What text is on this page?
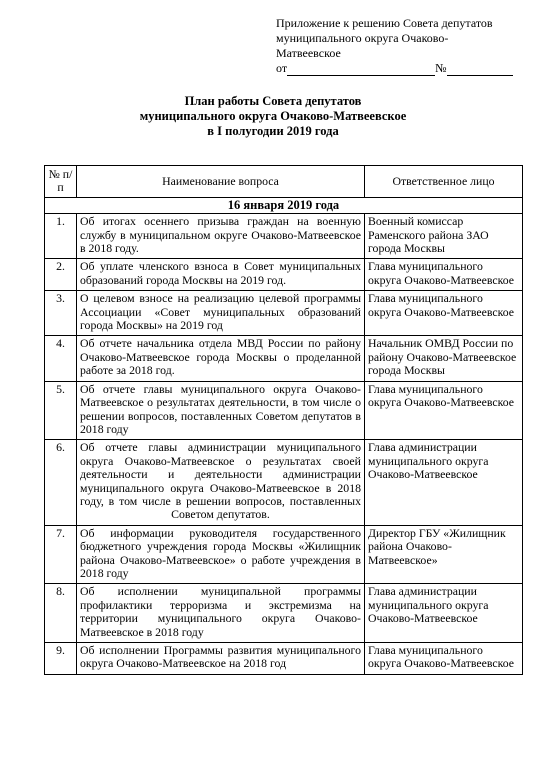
Приложение к решению Совета депутатов
муниципального округа Очаково-
Матвеевское
от	№
План работы Совета депутатов
муниципального округа Очаково-Матвеевское
в I полугодии 2019 года
№ п/п	Наименование вопроса	Ответственное лицо
16 января 2019 года		
1.	Об итогах осеннего призыва граждан на военную службу в муниципальном округе Очаково-Матвеевское в 2018 году.	Военный комиссар Раменского района ЗАО города Москвы
2.	Об уплате членского взноса в Совет муниципальных образований города Москвы на 2019 год.	Глава муниципального округа Очаково-Матвеевское
3.	О целевом взносе на реализацию целевой программы Ассоциации «Совет муниципальных образований города Москвы» на 2019 год	Глава муниципального округа Очаково-Матвеевское
4.	Об отчете начальника отдела МВД России по району Очаково-Матвеевское города Москвы о проделанной работе за 2018 год.	Начальник ОМВД России по району Очаково-Матвеевское города Москвы
5.	Об отчете главы муниципального округа Очаково-Матвеевское о результатах деятельности, в том числе о решении вопросов, поставленных Советом депутатов в 2018 году	Глава муниципального округа Очаково-Матвеевское
6.	Об отчете главы администрации муниципального округа Очаково-Матвеевское о результатах своей деятельности и деятельности администрации муниципального округа Очаково-Матвеевское в 2018 году, в том числе в решении вопросов, поставленных Советом депутатов.	Глава администрации муниципального округа Очаково-Матвеевское
7.	Об информации руководителя государственного бюджетного учреждения города Москвы «Жилищник района Очаково-Матвеевское» о работе учреждения в 2018 году	Директор ГБУ «Жилищник района Очаково-Матвеевское»
8.	Об исполнении муниципальной программы профилактики терроризма и экстремизма на территории муниципального округа Очаково-Матвеевское в 2018 году	Глава администрации муниципального округа Очаково-Матвеевское
9.	Об исполнении Программы развития муниципального округа Очаково-Матвеевское на 2018 год	Глава муниципального округа Очаково-Матвеевское
